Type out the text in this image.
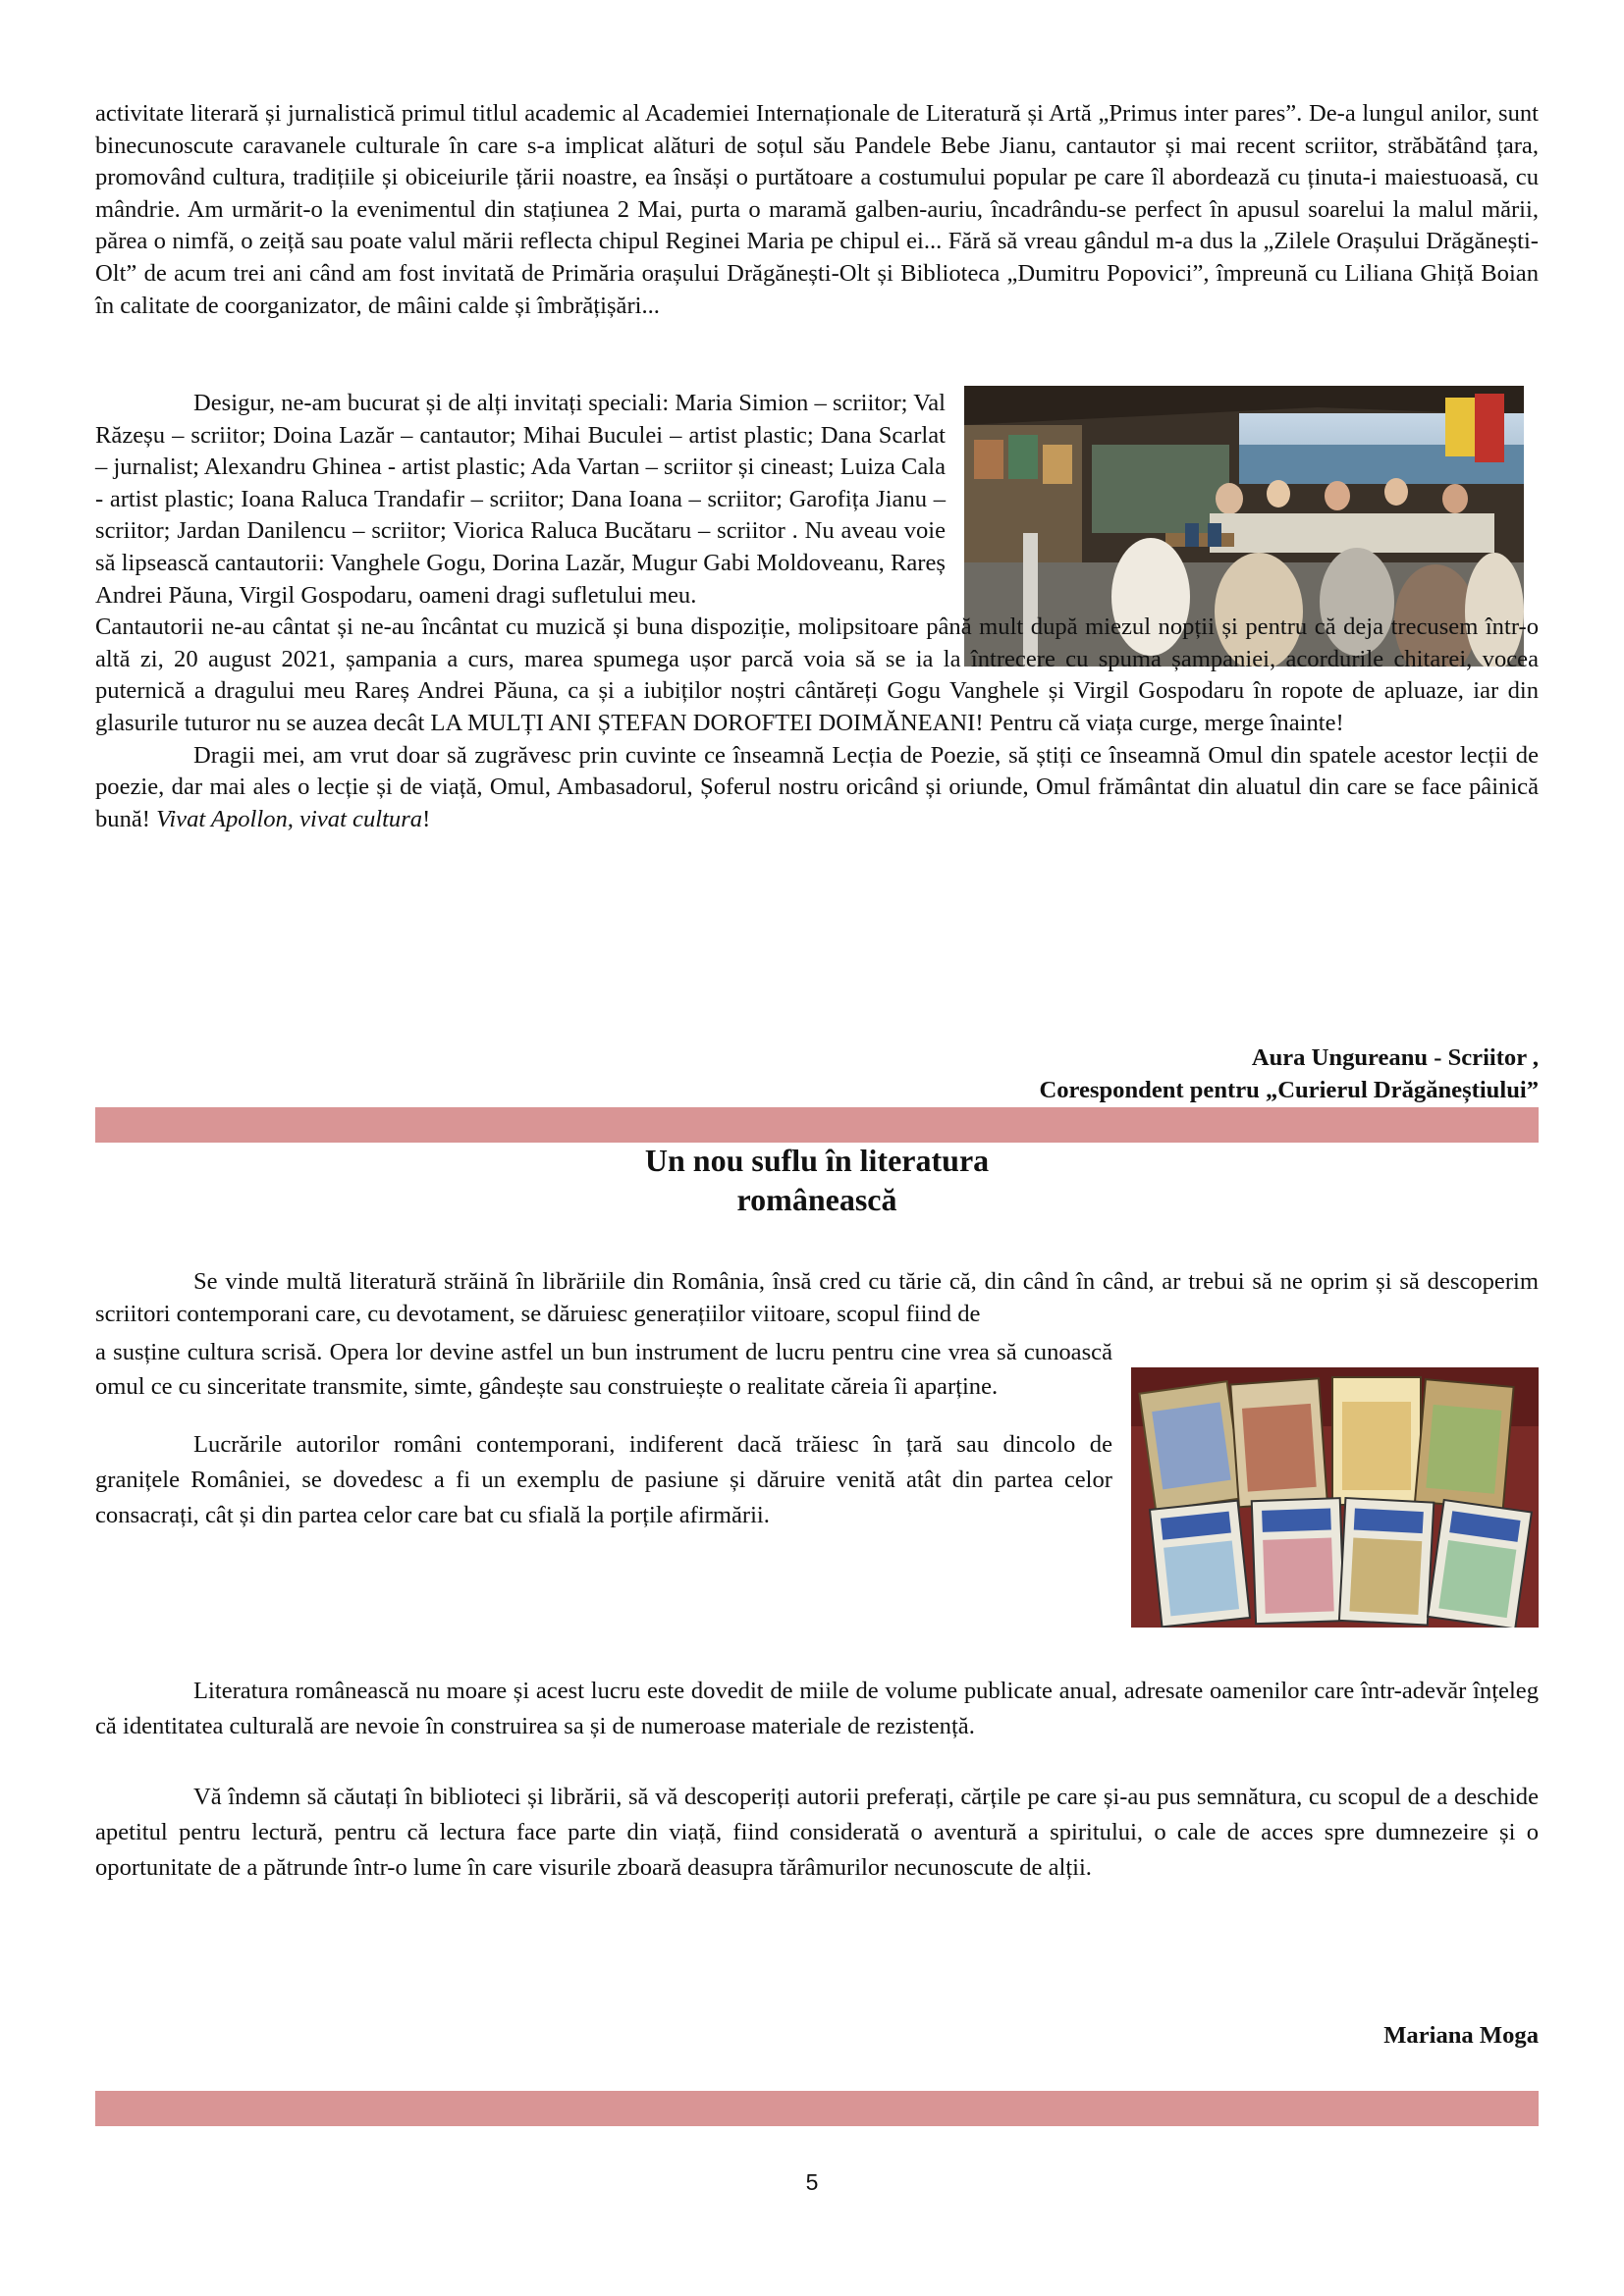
activitate literară și jurnalistică primul titlul academic al Academiei Internaționale de Literatură și Artă „Primus inter pares”. De-a lungul anilor, sunt binecunoscute caravanele culturale în care s-a implicat alături de soțul său Pandele Bebe Jianu, cantautor și mai recent scriitor, străbătând țara, promovând cultura, tradițiile și obiceiurile țării noastre, ea însăși o purtătoare a costumului popular pe care îl abordează cu ținuta-i maiestuoasă, cu mândrie. Am urmărit-o la evenimentul din stațiunea 2 Mai, purta o maramă galben-auriu, încadrându-se perfect în apusul soarelui la malul mării, părea o nimfă, o zeiță sau poate valul mării reflecta chipul Reginei Maria pe chipul ei... Fără să vreau gândul m-a dus la „Zilele Orașului Drăgănești-Olt” de acum trei ani când am fost invitată de Primăria orașului Drăgănești-Olt și Biblioteca „Dumitru Popovici”, împreună cu Liliana Ghiță Boian în calitate de coorganizator, de mâini calde și îmbrățișări...

Desigur, ne-am bucurat și de alți invitați speciali: Maria Simion – scriitor; Val Răzeșu – scriitor; Doina Lazăr – cantautor; Mihai Buculei – artist plastic; Dana Scarlat – jurnalist; Alexandru Ghinea - artist plastic; Ada Vartan – scriitor și cineast; Luiza Cala - artist plastic; Ioana Raluca Trandafir – scriitor; Dana Ioana – scriitor; Garofița Jianu – scriitor; Jardan Danilencu – scriitor; Viorica Raluca Bucătaru – scriitor . Nu aveau voie să lipsească cantautorii: Vanghele Gogu, Dorina Lazăr, Mugur Gabi Moldoveanu, Rareș Andrei Păuna, Virgil Gospodaru, oameni dragi sufletului meu.

Cantautorii ne-au cântat și ne-au încântat cu muzică și buna dispoziție, molipsitoare până mult după miezul nopții și pentru că deja trecusem într-o altă zi, 20 august 2021, șampania a curs, marea spumega ușor parcă voia să se ia la întrecere cu spuma șampaniei, acordurile chitarei, vocea puternică a dragului meu Rareș Andrei Păuna, ca și a iubiților noștri cântăreți Gogu Vanghele și Virgil Gospodaru în ropote de apluaze, iar din glasurile tuturor nu se auzea decât LA MULȚI ANI ȘTEFAN DOROFTEI DOIMĂNEANI! Pentru că viața curge, merge înainte!

Dragii mei, am vrut doar să zugrăvesc prin cuvinte ce înseamnă Lecția de Poezie, să știți ce înseamnă Omul din spatele acestor lecții de poezie, dar mai ales o lecție și de viață, Omul, Ambasadorul, Șoferul nostru oricând și oriunde, Omul frământat din aluatul din care se face pâinică bună! Vivat Apollon, vivat cultura!

Aura Ungureanu - Scriitor ,

Corespondent pentru „Curierul Drăgăneștiului”

Un nou suflu în literatura
românească

Se vinde multă literatură străină în librăriile din România, însă cred cu tărie că, din când în când, ar trebui să ne oprim și să descoperim scriitori contemporani care, cu devotament, se dăruiesc generațiilor viitoare, scopul fiind de

a susține cultura scrisă. Opera lor devine astfel un bun instrument de lucru pentru cine vrea să cunoască omul ce cu sinceritate transmite, simte, gândește sau construiește o realitate căreia îi aparține.

Lucrările autorilor români contemporani, indiferent dacă trăiesc în țară sau dincolo de granițele României, se dovedesc a fi un exemplu de pasiune și dăruire venită atât din partea celor consacrați, cât și din partea celor care bat cu sfială la porțile afirmării.

Literatura românească nu moare și acest lucru este dovedit de miile de volume publicate anual, adresate oamenilor care într-adevăr înțeleg că identitatea culturală are nevoie în construirea sa și de numeroase materiale de rezistență.

Vă îndemn să căutați în biblioteci și librării, să vă descoperiți autorii preferați, cărțile pe care și-au pus semnătura, cu scopul de a deschide apetitul pentru lectură, pentru că lectura face parte din viață, fiind considerată o aventură a spiritului, o cale de acces spre dumnezeire și o oportunitate de a pătrunde într-o lume în care visurile zboară deasupra tărâmurilor necunoscute de alții.

Mariana Moga

5
